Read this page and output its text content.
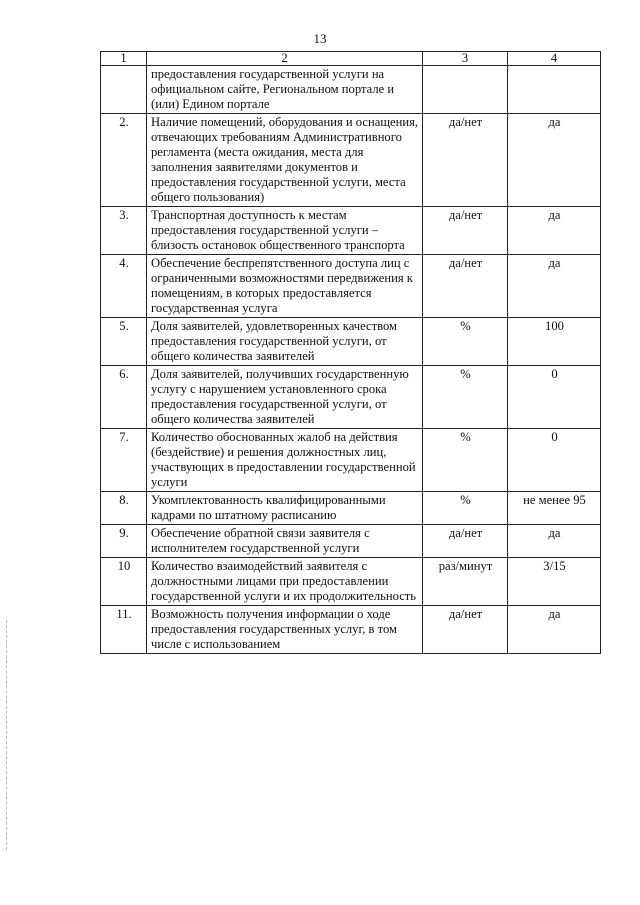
13
1	2	3	4
	предоставления государственной услуги на официальном сайте, Региональном портале и (или) Едином портале		
2.	Наличие помещений, оборудования и оснащения, отвечающих требованиям Административного регламента (места ожидания, места для заполнения заявителями документов и предоставления государственной услуги, места общего пользования)	да/нет	да
3.	Транспортная доступность к местам предоставления государственной услуги – близость остановок общественного транспорта	да/нет	да
4.	Обеспечение беспрепятственного доступа лиц с ограниченными возможностями передвижения к помещениям, в которых предоставляется государственная услуга	да/нет	да
5.	Доля заявителей, удовлетворенных качеством предоставления государственной услуги, от общего количества заявителей	%	100
6.	Доля заявителей, получивших государственную услугу с нарушением установленного срока предоставления государственной услуги, от общего количества заявителей	%	0
7.	Количество обоснованных жалоб на действия (бездействие) и решения должностных лиц, участвующих в предоставлении государственной услуги	%	0
8.	Укомплектованность квалифицированными кадрами по штатному расписанию	%	не менее 95
9.	Обеспечение обратной связи заявителя с исполнителем государственной услуги	да/нет	да
10	Количество взаимодействий заявителя с должностными лицами при предоставлении государственной услуги и их продолжительность	раз/минут	3/15
11.	Возможность получения информации о ходе предоставления государственных услуг, в том числе с использованием	да/нет	да
